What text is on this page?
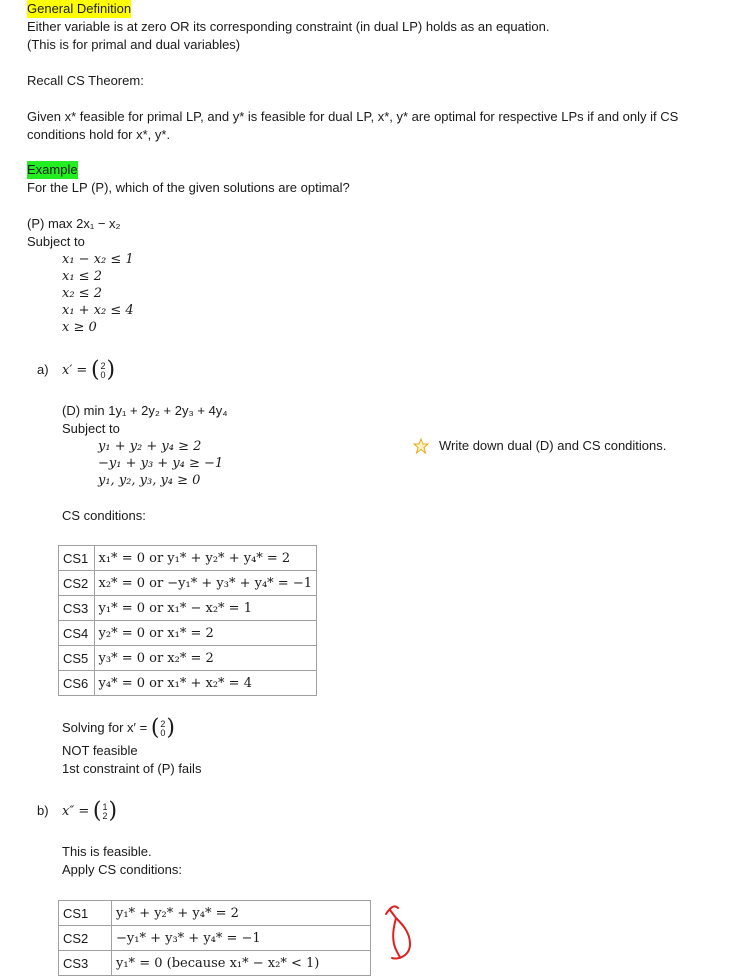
General Definition
Either variable is at zero OR its corresponding constraint (in dual LP) holds as an equation.
(This is for primal and dual variables)
Recall CS Theorem:
Given x* feasible for primal LP, and y* is feasible for dual LP, x*, y* are optimal for respective LPs if and only if CS
conditions hold for x*, y*.
Example
For the LP (P), which of the given solutions are optimal?
(P) max 2x₁ − x₂
Subject to
x₁ − x₂ ≤ 1
x₁ ≤ 2
x₂ ≤ 2
x₁ + x₂ ≤ 4
x ≥ 0
a) x′ = (2
0)
(D) min 1y₁ + 2y₂ + 2y₃ + 4y₄
Subject to
y₁ + y₂ + y₄ ≥ 2
−y₁ + y₃ + y₄ ≥ −1
y₁, y₂, y₃, y₄ ≥ 0
Write down dual (D) and CS conditions.
CS conditions:
CS1	x₁* = 0 or y₁* + y₂* + y₄* = 2
CS2	x₂* = 0 or −y₁* + y₃* + y₄* = −1
CS3	y₁* = 0 or x₁* − x₂* = 1
CS4	y₂* = 0 or x₁* = 2
CS5	y₃* = 0 or x₂* = 2
CS6	y₄* = 0 or x₁* + x₂* = 4
Solving for x′ = (2
0)
NOT feasible
1st constraint of (P) fails
b) x″ = (1
2)
This is feasible.
Apply CS conditions:
CS1	y₁* + y₂* + y₄* = 2
CS2	−y₁* + y₃* + y₄* = −1
CS3	y₁* = 0 (because x₁* − x₂* < 1)
